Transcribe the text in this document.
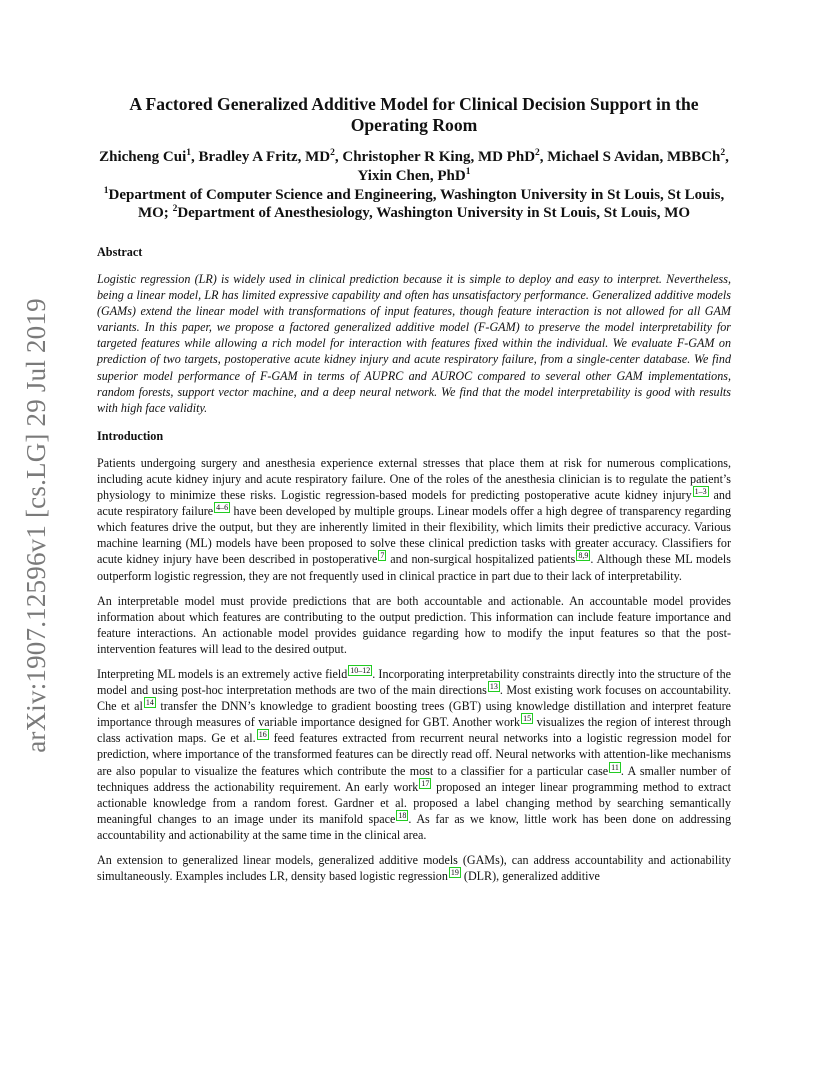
arXiv:1907.12596v1 [cs.LG] 29 Jul 2019
A Factored Generalized Additive Model for Clinical Decision Support in the Operating Room
Zhicheng Cui$^1$, Bradley A Fritz, $MD^2$, Christopher R King, MD PhD$^2$, Michael S Avidan, MBBCh$^2$, Yixin Chen, PhD$^1$
$^1$Department of Computer Science and Engineering, Washington University in St Louis, St Louis, MO; $^2$Department of Anesthesiology, Washington University in St Louis, St Louis, MO
Abstract
Logistic regression (LR) is widely used in clinical prediction because it is simple to deploy and easy to interpret. Nevertheless, being a linear model, LR has limited expressive capability and often has unsatisfactory performance. Generalized additive models (GAMs) extend the linear model with transformations of input features, though feature interaction is not allowed for all GAM variants. In this paper, we propose a factored generalized additive model (F-GAM) to preserve the model interpretability for targeted features while allowing a rich model for interaction with features fixed within the individual. We evaluate F-GAM on prediction of two targets, postoperative acute kidney injury and acute respiratory failure, from a single-center database. We find superior model performance of F-GAM in terms of AUPRC and AUROC compared to several other GAM implementations, random forests, support vector machine, and a deep neural network. We find that the model interpretability is good with results with high face validity.
Introduction

Patients undergoing surgery and anesthesia experience external stresses that place them at risk for numerous complications, including acute kidney injury and acute respiratory failure. One of the roles of the anesthesia clinician is to regulate the patient’s physiology to minimize these risks. Logistic regression-based models for predicting postoperative acute kidney injury $^{1-3}$ and acute respiratory failure $^{4-6}$ have been developed by multiple groups. Linear models offer a high degree of transparency regarding which features drive the output, but they are inherently limited in their flexibility, which limits their predictive accuracy. Various machine learning (ML) models have been proposed to solve these clinical prediction tasks with greater accuracy. Classifiers for acute kidney injury have been described in postoperative $^7$ and non-surgical hospitalized patients $^{8,9}$ . Although these ML models outperform logistic regression, they are not frequently used in clinical practice in part due to their lack of interpretability.

An interpretable model must provide predictions that are both accountable and actionable. An accountable model provides information about which features are contributing to the output prediction. This information can include feature importance and feature interactions. An actionable model provides guidance regarding how to modify the input features so that the post-intervention features will lead to the desired output.

Interpreting ML models is an extremely active field $^{10-12}$ . Incorporating interpretability constraints directly into the structure of the model and using post-hoc interpretation methods are two of the main directions $^{13}$ . Most existing work focuses on accountability. Che et al $^{14}$ transfer the DNN’s knowledge to gradient boosting trees (GBT) using knowledge distillation and interpret feature importance through measures of variable importance designed for GBT. Another work $^{15}$ visualizes the region of interest through class activation maps. Ge et al. $^{16}$ feed features extracted from recurrent neural networks into a logistic regression model for prediction, where importance of the transformed features can be directly read off. Neural networks with attention-like mechanisms are also popular to visualize the features which contribute the most to a classifier for a particular case $^{11}$ . A smaller number of techniques address the actionability requirement. An early work $^{17}$ proposed an integer linear programming method to extract actionable knowledge from a random forest. Gardner et al. proposed a label changing method by searching semantically meaningful changes to an image under its manifold space $^{18}$ . As far as we know, little work has been done on addressing accountability and actionability at the same time in the clinical area.

An extension to generalized linear models, generalized additive models (GAMs), can address accountability and actionability simultaneously. Examples includes LR, density based logistic regression $^{19}$ (DLR), generalized additive
